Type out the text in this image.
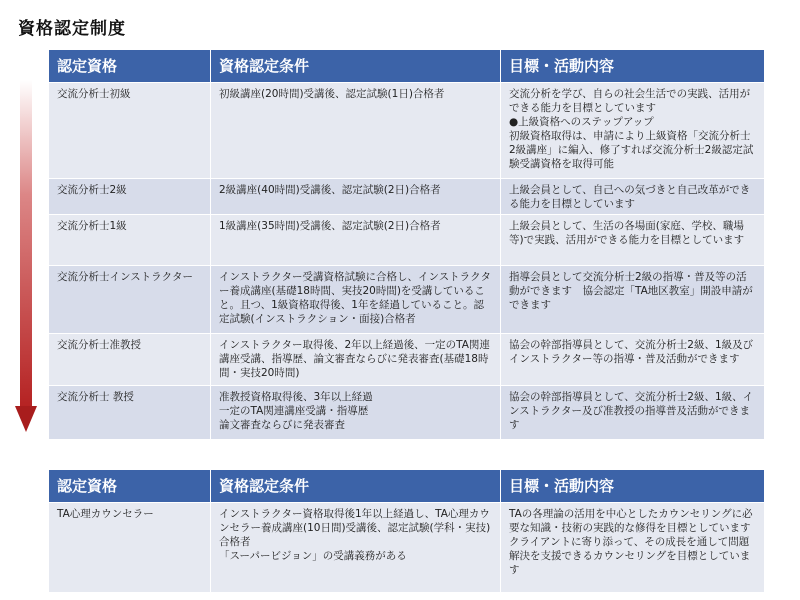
資格認定制度
認定資格	資格認定条件	目標・活動内容
交流分析士初級	初級講座(20時間)受講後、認定試験(1日)合格者	交流分析を学び、自らの社会生活での実践、活用ができる能力を目標としています
●上級資格へのステップアップ
初級資格取得は、申請により上級資格「交流分析士2級講座」に編入、修了すれば交流分析士2級認定試験受講資格を取得可能
交流分析士2級	2級講座(40時間)受講後、認定試験(2日)合格者	上級会員として、自己への気づきと自己改革ができる能力を目標としています
交流分析士1級	1級講座(35時間)受講後、認定試験(2日)合格者	上級会員として、生活の各場面(家庭、学校、職場等)で実践、活用ができる能力を目標としています
交流分析士インストラクター	インストラクター受講資格試験に合格し、インストラクター養成講座(基礎18時間、実技20時間)を受講していること。且つ、1級資格取得後、1年を経過していること。認定試験(インストラクション・面接)合格者	指導会員として交流分析士2級の指導・普及等の活動ができます　協会認定「TA地区教室」開設申請ができます
交流分析士准教授	インストラクター取得後、2年以上経過後、一定のTA関連講座受講、指導歴、論文審査ならびに発表審査(基礎18時間・実技20時間)	協会の幹部指導員として、交流分析士2級、1級及びインストラクター等の指導・普及活動ができます
交流分析士 教授	准教授資格取得後、3年以上経過
一定のTA関連講座受講・指導歴
論文審査ならびに発表審査	協会の幹部指導員として、交流分析士2級、1級、インストラクター及び准教授の指導普及活動ができます
認定資格	資格認定条件	目標・活動内容
TA心理カウンセラー	インストラクター資格取得後1年以上経過し、TA心理カウンセラー養成講座(10日間)受講後、認定試験(学科・実技)合格者
「スーパービジョン」の受講義務がある	TAの各理論の活用を中心としたカウンセリングに必要な知識・技術の実践的な修得を目標としています
クライアントに寄り添って、その成長を通して問題解決を支援できるカウンセリングを目標としています
